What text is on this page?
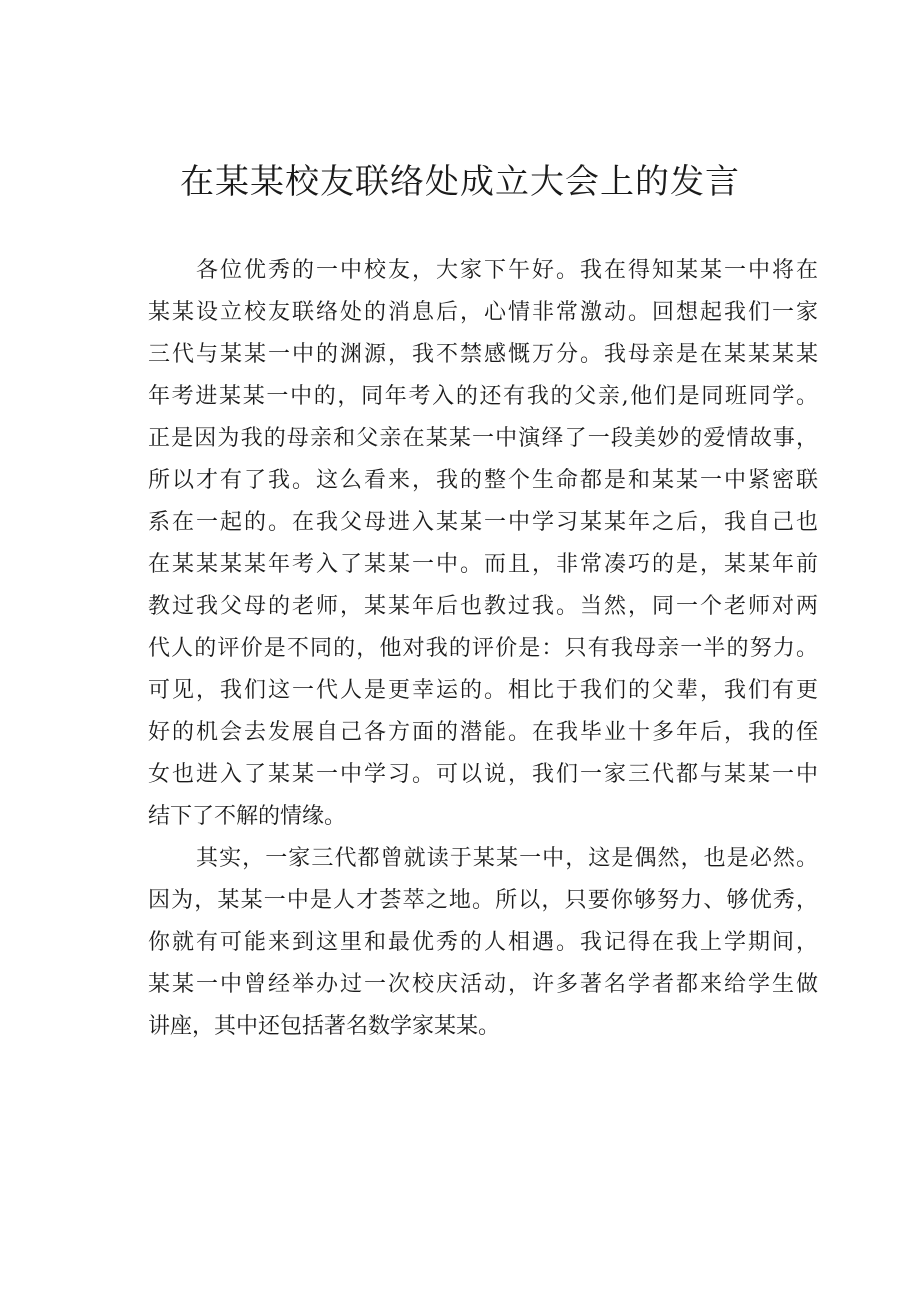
在某某校友联络处成立大会上的发言
各位优秀的一中校友，大家下午好。我在得知某某一中将在
某某设立校友联络处的消息后，心情非常激动。回想起我们一家
三代与某某一中的渊源，我不禁感慨万分。我母亲是在某某某某
年考进某某一中的，同年考入的还有我的父亲,他们是同班同学。
正是因为我的母亲和父亲在某某一中演绎了一段美妙的爱情故事，
所以才有了我。这么看来，我的整个生命都是和某某一中紧密联
系在一起的。在我父母进入某某一中学习某某年之后，我自己也
在某某某某年考入了某某一中。而且，非常凑巧的是，某某年前
教过我父母的老师，某某年后也教过我。当然，同一个老师对两
代人的评价是不同的，他对我的评价是：只有我母亲一半的努力。
可见，我们这一代人是更幸运的。相比于我们的父辈，我们有更
好的机会去发展自己各方面的潜能。在我毕业十多年后，我的侄
女也进入了某某一中学习。可以说，我们一家三代都与某某一中
结下了不解的情缘。
其实，一家三代都曾就读于某某一中，这是偶然，也是必然。
因为，某某一中是人才荟萃之地。所以，只要你够努力、够优秀，
你就有可能来到这里和最优秀的人相遇。我记得在我上学期间，
某某一中曾经举办过一次校庆活动，许多著名学者都来给学生做
讲座，其中还包括著名数学家某某。
